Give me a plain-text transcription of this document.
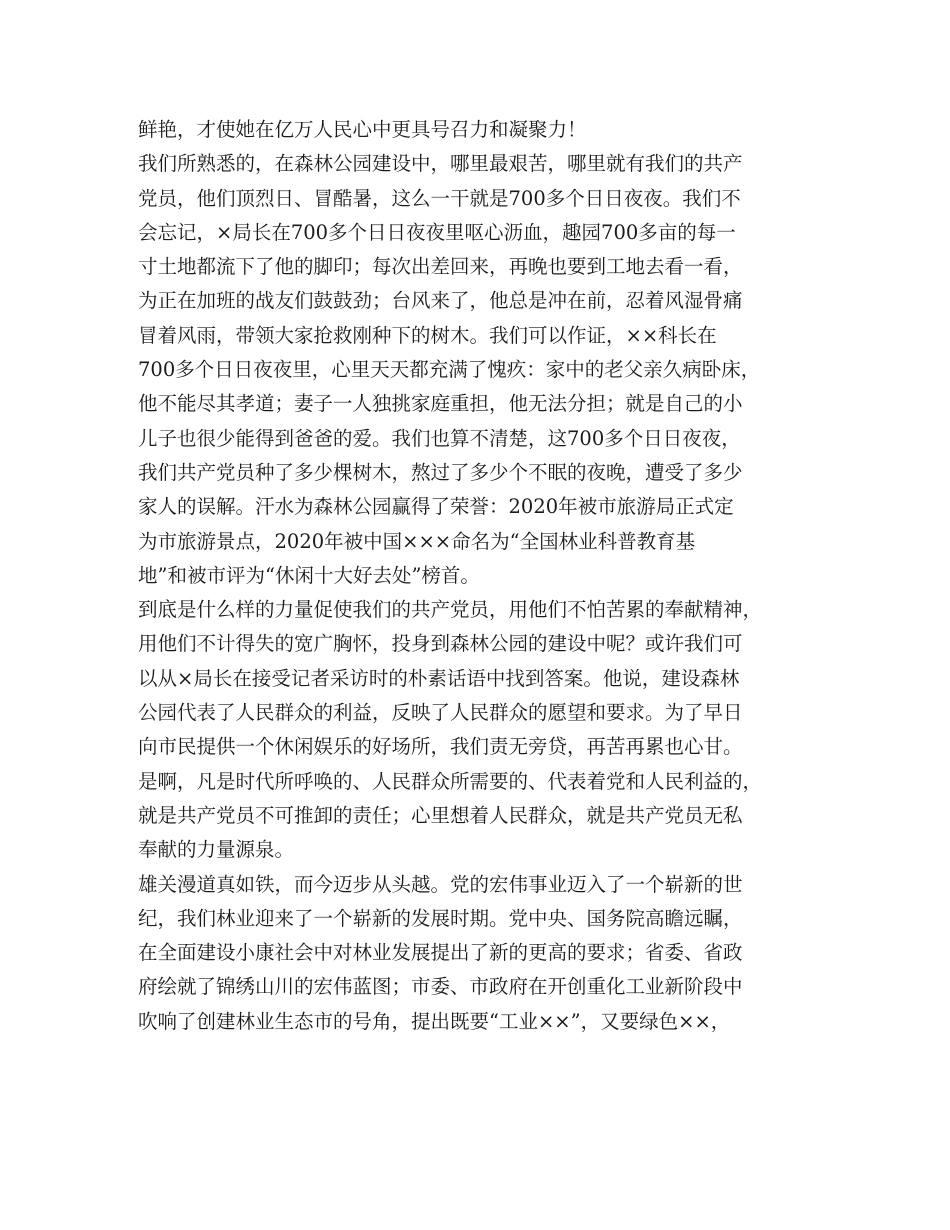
鲜艳，才使她在亿万人民心中更具号召力和凝聚力！
我们所熟悉的，在森林公园建设中，哪里最艰苦，哪里就有我们的共产
党员，他们顶烈日、冒酷暑，这么一干就是700多个日日夜夜。我们不
会忘记，×局长在700多个日日夜夜里呕心沥血，趣园700多亩的每一
寸土地都流下了他的脚印；每次出差回来，再晚也要到工地去看一看，
为正在加班的战友们鼓鼓劲；台风来了，他总是冲在前，忍着风湿骨痛
冒着风雨，带领大家抢救刚种下的树木。我们可以作证，××科长在
700多个日日夜夜里，心里天天都充满了愧疚：家中的老父亲久病卧床，
他不能尽其孝道；妻子一人独挑家庭重担，他无法分担；就是自己的小
儿子也很少能得到爸爸的爱。我们也算不清楚，这700多个日日夜夜，
我们共产党员种了多少棵树木，熬过了多少个不眠的夜晚，遭受了多少
家人的误解。汗水为森林公园赢得了荣誉：2020年被市旅游局正式定
为市旅游景点，2020年被中国×××命名为“全国林业科普教育基
地”和被市评为“休闲十大好去处”榜首。
到底是什么样的力量促使我们的共产党员，用他们不怕苦累的奉献精神，
用他们不计得失的宽广胸怀，投身到森林公园的建设中呢？或许我们可
以从×局长在接受记者采访时的朴素话语中找到答案。他说，建设森林
公园代表了人民群众的利益，反映了人民群众的愿望和要求。为了早日
向市民提供一个休闲娱乐的好场所，我们责无旁贷，再苦再累也心甘。
是啊，凡是时代所呼唤的、人民群众所需要的、代表着党和人民利益的，
就是共产党员不可推卸的责任；心里想着人民群众，就是共产党员无私
奉献的力量源泉。
雄关漫道真如铁，而今迈步从头越。党的宏伟事业迈入了一个崭新的世
纪，我们林业迎来了一个崭新的发展时期。党中央、国务院高瞻远瞩，
在全面建设小康社会中对林业发展提出了新的更高的要求；省委、省政
府绘就了锦绣山川的宏伟蓝图；市委、市政府在开创重化工业新阶段中
吹响了创建林业生态市的号角，提出既要“工业××”，又要绿色××，
